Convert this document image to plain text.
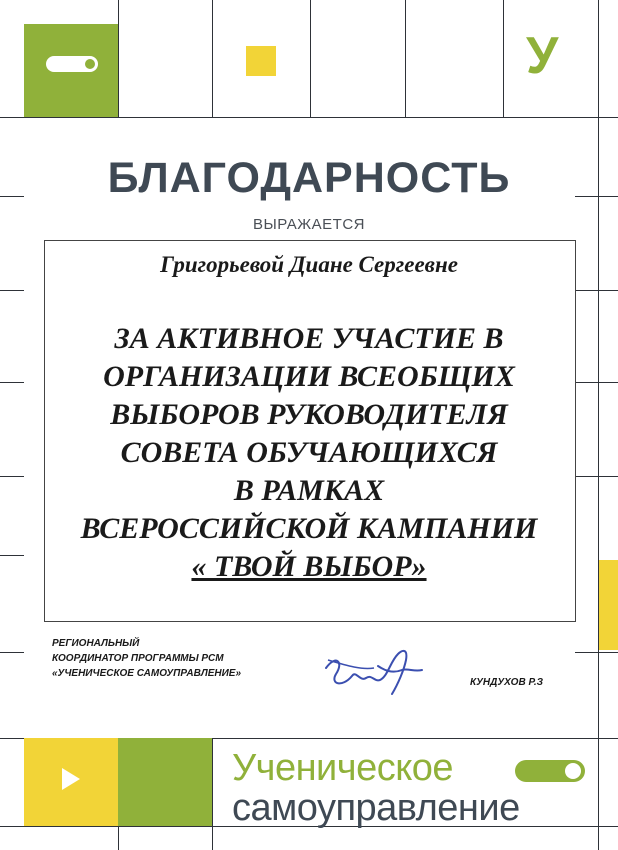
У
БЛАГОДАРНОСТЬ
ВЫРАЖАЕТСЯ
Григорьевой Диане Сергеевне
ЗА АКТИВНОЕ УЧАСТИЕ В
ОРГАНИЗАЦИИ ВСЕОБЩИХ
ВЫБОРОВ РУКОВОДИТЕЛЯ
СОВЕТА ОБУЧАЮЩИХСЯ
В РАМКАХ
ВСЕРОССИЙСКОЙ КАМПАНИИ
« ТВОЙ ВЫБОР»
РЕГИОНАЛЬНЫЙ
КООРДИНАТОР ПРОГРАММЫ РСМ
«УЧЕНИЧЕСКОЕ САМОУПРАВЛЕНИЕ»
КУНДУХОВ Р.З
Ученическое
самоуправление
